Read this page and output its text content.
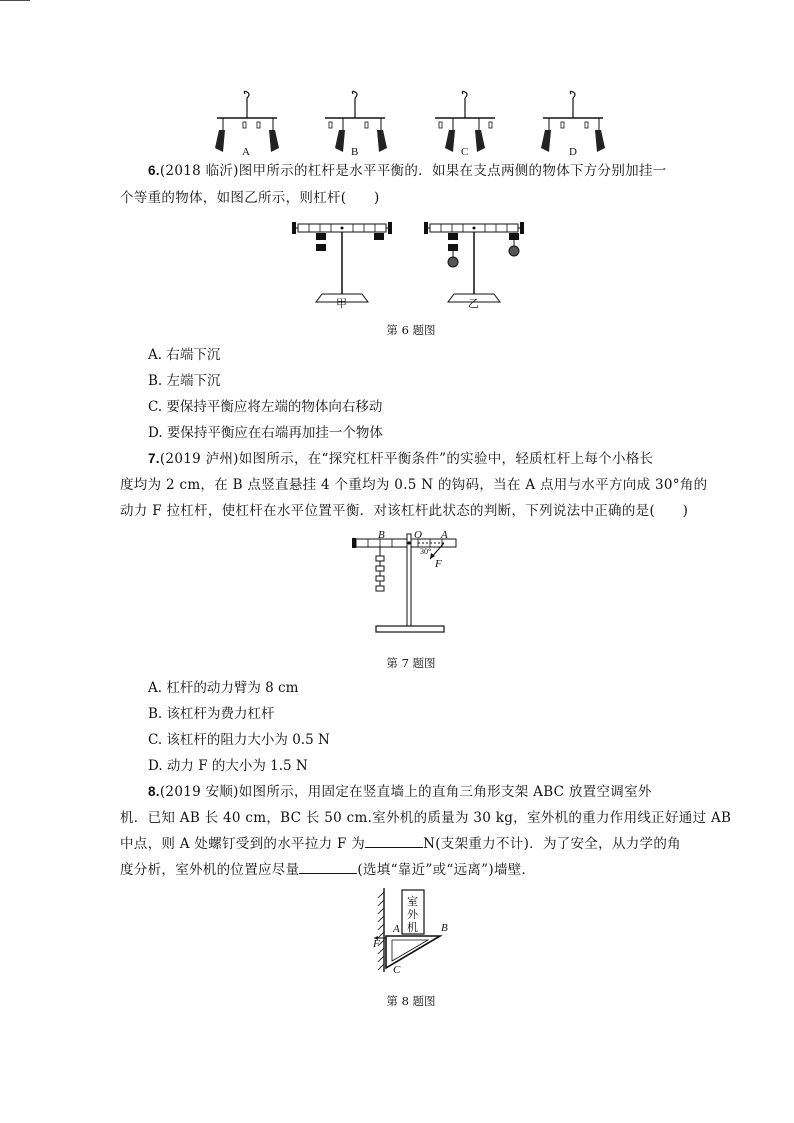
A	B	C	D
6.(2018 临沂)图甲所示的杠杆是水平平衡的．如果在支点两侧的物体下方分别加挂一
个等重的物体，如图乙所示，则杠杆(　　)
甲	乙
第 6 题图
A. 右端下沉
B. 左端下沉
C. 要保持平衡应将左端的物体向右移动
D. 要保持平衡应在右端再加挂一个物体
7.(2019 泸州)如图所示，在“探究杠杆平衡条件”的实验中，轻质杠杆上每个小格长
度均为 2 cm，在 B 点竖直悬挂 4 个重均为 0.5 N 的钩码，当在 A 点用与水平方向成 30°角的
动力 F 拉杠杆，使杠杆在水平位置平衡．对该杠杆此状态的判断，下列说法中正确的是(　　)
B	O A
30°
F
第 7 题图
A. 杠杆的动力臂为 8 cm
B. 该杠杆为费力杠杆
C. 该杠杆的阻力大小为 0.5 N
D. 动力 F 的大小为 1.5 N
8.(2019 安顺)如图所示，用固定在竖直墙上的直角三角形支架 ABC 放置空调室外
机．已知 AB 长 40 cm，BC 长 50 cm.室外机的质量为 30 kg，室外机的重力作用线正好通过 AB
中点，则 A 处螺钉受到的水平拉力 F 为	N(支架重力不计)．为了安全，从力学的角
度分析，室外机的位置应尽量	(选填“靠近”或“远离”)墙壁．
室
外
机
A	B
F
C
第 8 题图
